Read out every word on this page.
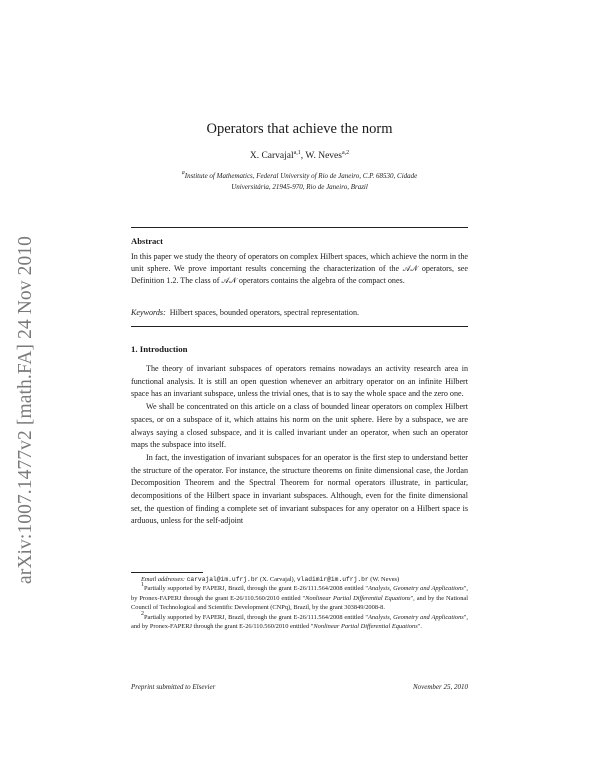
arXiv:1007.1477v2 [math.FA] 24 Nov 2010
Operators that achieve the norm
X. Carvajal$^{a,1}$, W. Neves$^{a,2}$
$^a$Institute of Mathematics, Federal University of Rio de Janeiro, C.P. 68530, Cidade
Universitária, 21945-970, Rio de Janeiro, Brazil
Abstract
In this paper we study the theory of operators on complex Hilbert spaces, which achieve the norm in the unit sphere. We prove important results concerning the characterization of the 𝒜𝒩 operators, see Definition 1.2. The class of 𝒜𝒩 operators contains the algebra of the compact ones.
Keywords: Hilbert spaces, bounded operators, spectral representation.
1. Introduction

The theory of invariant subspaces of operators remains nowadays an activity research area in functional analysis. It is still an open question whenever an arbitrary operator on an infinite Hilbert space has an invariant subspace, unless the trivial ones, that is to say the whole space and the zero one.

We shall be concentrated on this article on a class of bounded linear operators on complex Hilbert spaces, or on a subspace of it, which attains his norm on the unit sphere. Here by a subspace, we are always saying a closed subspace, and it is called invariant under an operator, when such an operator maps the subspace into itself.

In fact, the investigation of invariant subspaces for an operator is the first step to understand better the structure of the operator. For instance, the structure theorems on finite dimensional case, the Jordan Decomposition Theorem and the Spectral Theorem for normal operators illustrate, in particular, decompositions of the Hilbert space in invariant subspaces. Although, even for the finite dimensional set, the question of finding a complete set of invariant subspaces for any operator on a Hilbert space is arduous, unless for the self-adjoint

Email addresses: carvajal@im.ufrj.br (X. Carvajal), vladimir@im.ufrj.br (W. Neves)

$^1$Partially supported by FAPERJ, Brazil, through the grant E-26/111.564/2008 entitled "Analysis, Geometry and Applications", by Pronex-FAPERJ through the grant E-26/110.560/2010 entitled "Nonlinear Partial Differential Equations", and by the National Council of Technological and Scientific Development (CNPq), Brazil, by the grant 303849/2008-8.

$^2$Partially supported by FAPERJ, Brazil, through the grant E-26/111.564/2008 entitled "Analysis, Geometry and Applications", and by Pronex-FAPERJ through the grant E-26/110.560/2010 entitled "Nonlinear Partial Differential Equations".

Preprint submitted to Elsevier	November 25, 2010
